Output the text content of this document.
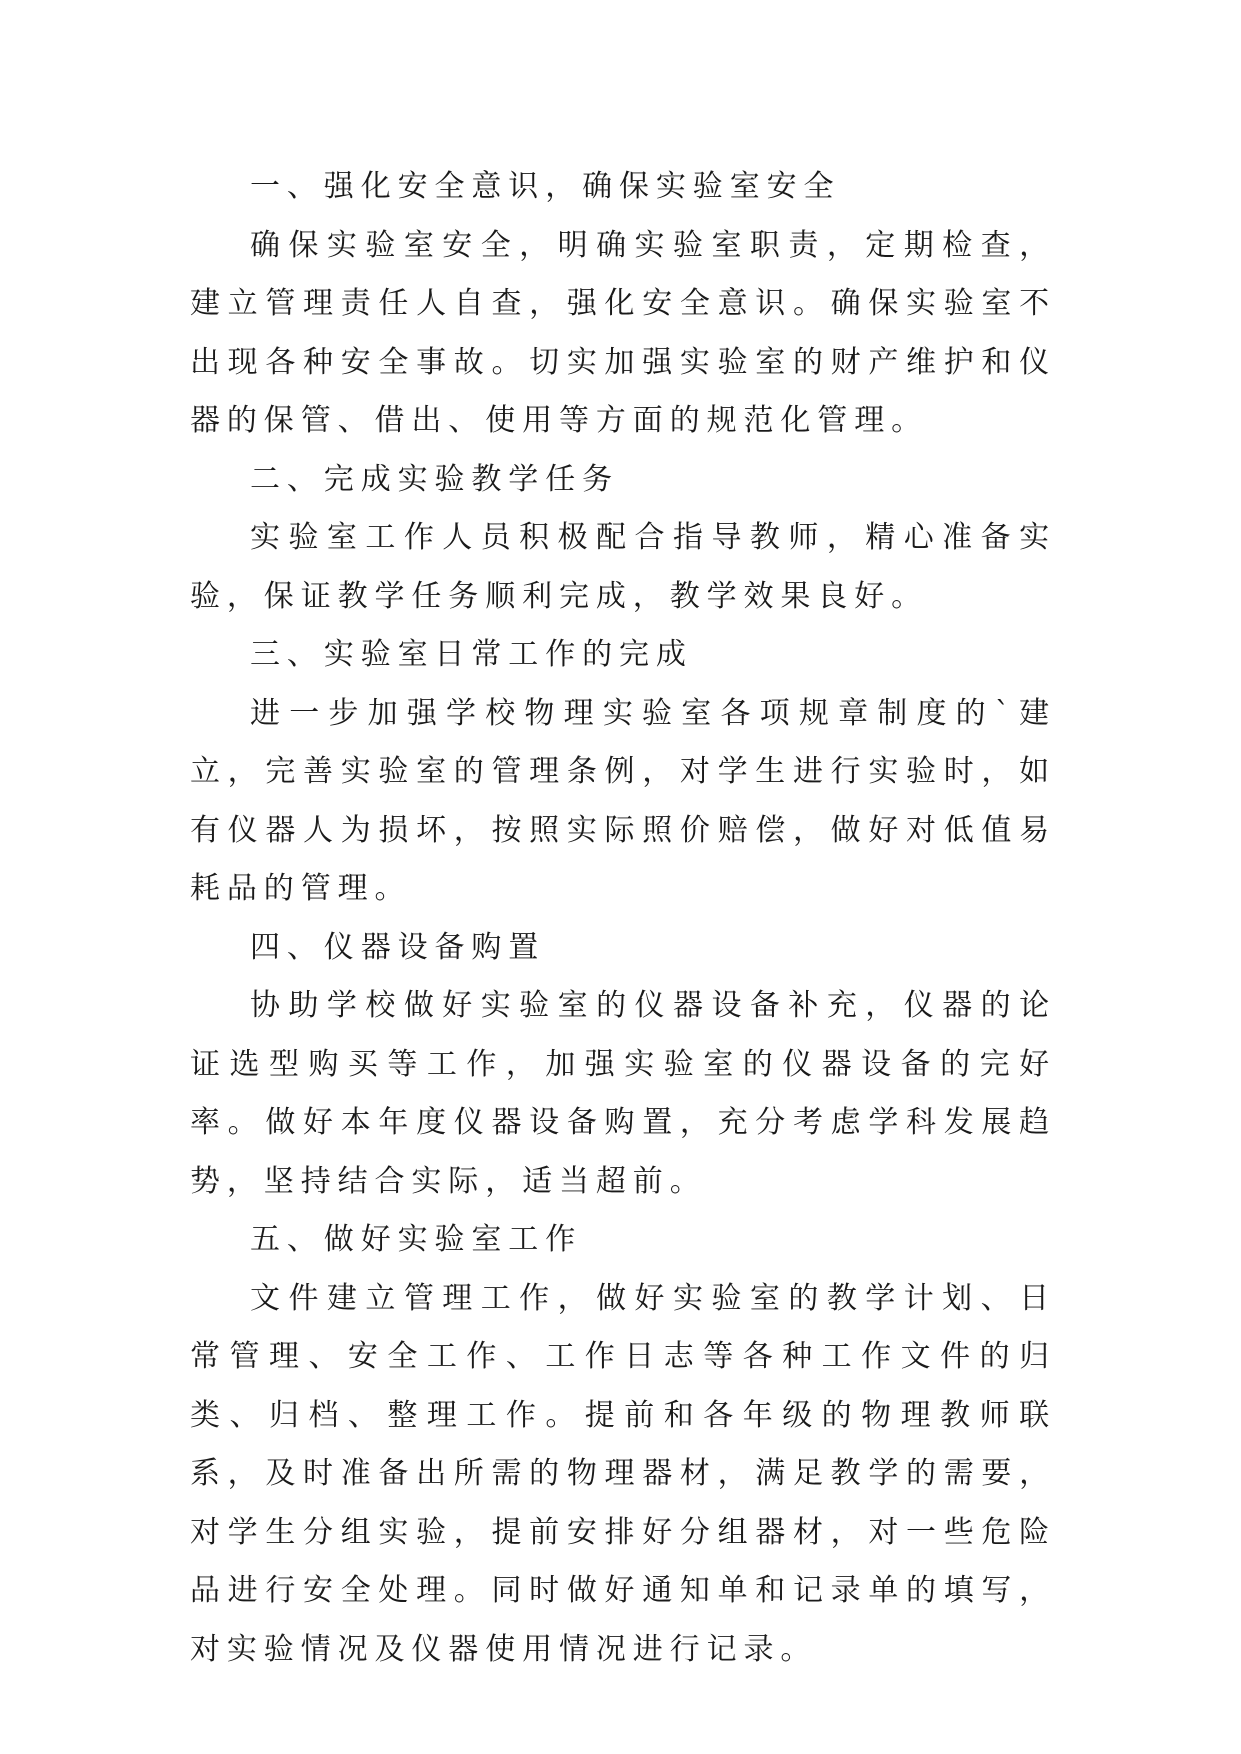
一、强化安全意识，确保实验室安全

确保实验室安全，明确实验室职责，定期检查，建立管理责任人自查，强化安全意识。确保实验室不出现各种安全事故。切实加强实验室的财产维护和仪器的保管、借出、使用等方面的规范化管理。

二、完成实验教学任务

实验室工作人员积极配合指导教师，精心准备实验，保证教学任务顺利完成，教学效果良好。

三、实验室日常工作的完成

进一步加强学校物理实验室各项规章制度的`建立，完善实验室的管理条例，对学生进行实验时，如有仪器人为损坏，按照实际照价赔偿，做好对低值易耗品的管理。

四、仪器设备购置

协助学校做好实验室的仪器设备补充，仪器的论证选型购买等工作，加强实验室的仪器设备的完好率。做好本年度仪器设备购置，充分考虑学科发展趋势，坚持结合实际，适当超前。

五、做好实验室工作

文件建立管理工作，做好实验室的教学计划、日常管理、安全工作、工作日志等各种工作文件的归类、归档、整理工作。提前和各年级的物理教师联系，及时准备出所需的物理器材，满足教学的需要，对学生分组实验，提前安排好分组器材，对一些危险品进行安全处理。同时做好通知单和记录单的填写，对实验情况及仪器使用情况进行记录。
